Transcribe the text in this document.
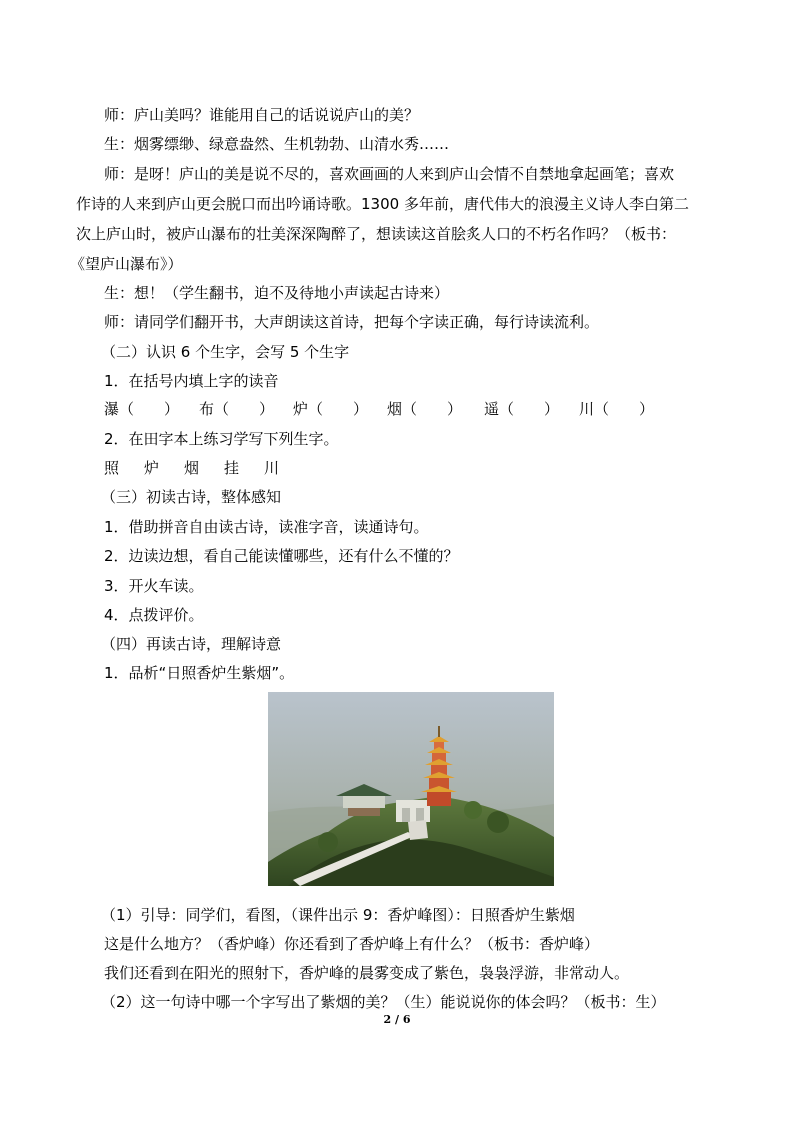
师：庐山美吗？谁能用自己的话说说庐山的美？
生：烟雾缥缈、绿意盎然、生机勃勃、山清水秀……
师：是呀！庐山的美是说不尽的，喜欢画画的人来到庐山会情不自禁地拿起画笔；喜欢
作诗的人来到庐山更会脱口而出吟诵诗歌。1300 多年前，唐代伟大的浪漫主义诗人李白第二
次上庐山时，被庐山瀑布的壮美深深陶醉了，想读读这首脍炙人口的不朽名作吗？（板书：
《望庐山瀑布》）
生：想！（学生翻书，迫不及待地小声读起古诗来）
师：请同学们翻开书，大声朗读这首诗，把每个字读正确，每行诗读流利。
（二）认识 6 个生字，会写 5 个生字
1．在括号内填上字的读音
瀑（　　） 布（　　） 炉（　　） 烟（　　） 遥（　　） 川（　　）
2．在田字本上练习学写下列生字。
照 炉 烟 挂 川
（三）初读古诗，整体感知
1．借助拼音自由读古诗，读准字音，读通诗句。
2．边读边想，看自己能读懂哪些，还有什么不懂的？
3．开火车读。
4．点拨评价。
（四）再读古诗，理解诗意
1．品析“日照香炉生紫烟”。
（1）引导：同学们，看图，（课件出示 9：香炉峰图）：日照香炉生紫烟
这是什么地方？（香炉峰）你还看到了香炉峰上有什么？（板书：香炉峰）
我们还看到在阳光的照射下，香炉峰的晨雾变成了紫色，袅袅浮游，非常动人。
（2）这一句诗中哪一个字写出了紫烟的美？（生）能说说你的体会吗？（板书：生）
2 / 6
